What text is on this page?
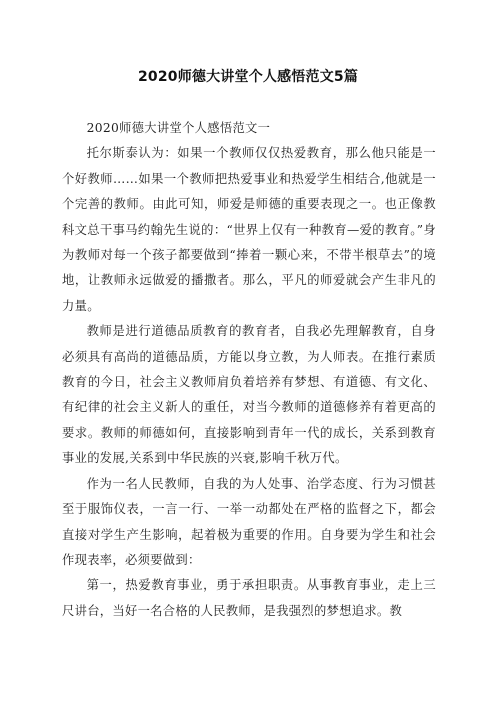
2020师德大讲堂个人感悟范文5篇

2020师德大讲堂个人感悟范文一

托尔斯泰认为：如果一个教师仅仅热爱教育，那么他只能是一个好教师……如果一个教师把热爱事业和热爱学生相结合,他就是一个完善的教师。由此可知，师爱是师德的重要表现之一。也正像教科文总干事马约翰先生说的：“世界上仅有一种教育—爱的教育。”身为教师对每一个孩子都要做到“捧着一颗心来，不带半根草去”的境地，让教师永远做爱的播撒者。那么，平凡的师爱就会产生非凡的力量。

教师是进行道德品质教育的教育者，自我必先理解教育，自身必须具有高尚的道德品质，方能以身立教，为人师表。在推行素质教育的今日，社会主义教师肩负着培养有梦想、有道德、有文化、有纪律的社会主义新人的重任，对当今教师的道德修养有着更高的要求。教师的师德如何，直接影响到青年一代的成长，关系到教育事业的发展,关系到中华民族的兴衰,影响千秋万代。

作为一名人民教师，自我的为人处事、治学态度、行为习惯甚至于服饰仪表，一言一行、一举一动都处在严格的监督之下，都会直接对学生产生影响，起着极为重要的作用。自身要为学生和社会作现表率，必须要做到：

第一，热爱教育事业，勇于承担职责。从事教育事业，走上三尺讲台，当好一名合格的人民教师，是我强烈的梦想追求。教
